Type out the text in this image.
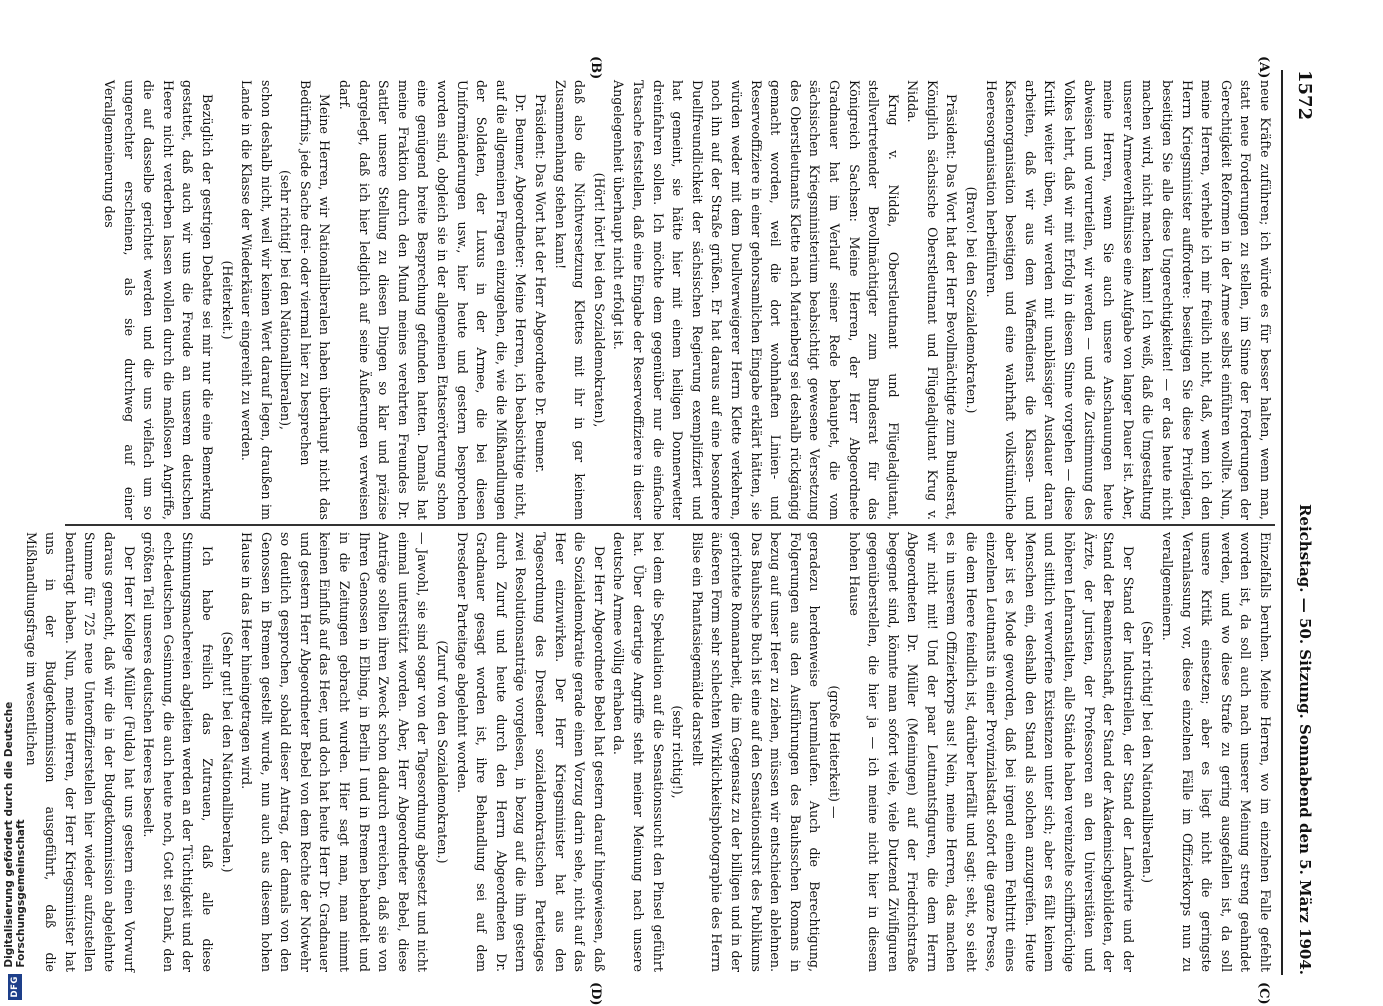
1572
Reichstag. — 50. Sitzung. Sonnabend den 5. März 1904.
(A)
(B)
(C)
(D)

neue Kräfte zuführen; ich würde es für besser halten, wenn man, statt neue Forderungen zu stellen, im Sinne der Forderungen der Gerechtigkeit Reformen in der Armee selbst einführen wollte. Nun, meine Herren, verhehle ich mir freilich nicht, daß, wenn ich den Herrn Kriegsminister auffordere: beseitigen Sie diese Privilegien, beseitigen Sie alle diese Ungerechtigkeiten! — er das heute nicht machen wird, nicht machen kann! Ich weiß, daß die Umgestaltung unserer Armeeverhältnisse eine Aufgabe von langer Dauer ist. Aber, meine Herren, wenn Sie auch unsere Anschauungen heute abweisen und verurteilen, wir werden — und die Zustimmung des Volkes lehrt, daß wir mit Erfolg in diesem Sinne vorgehen — diese Kritik weiter üben, wir werden mit unablässiger Ausdauer daran arbeiten, daß wir aus dem Waffendienst die Klassen- und Kastenorganisation beseitigen und eine wahrhaft volkstümliche Heeresorganisation herbeiführen.

(Bravo! bei den Sozialdemokraten.)

Präsident: Das Wort hat der Herr Bevollmächtigte zum Bundesrat, Königlich sächsische Oberstleutnant und Flügeladjutant Krug v. Nidda.

Krug v. Nidda, Oberstleutnant und Flügeladjutant, stellvertretender Bevollmächtigter zum Bundesrat für das Königreich Sachsen: Meine Herren, der Herr Abgeordnete Gradnauer hat im Verlauf seiner Rede behauptet, die vom sächsischen Kriegsministerium beabsichtigt gewesene Versetzung des Oberstleutnants Klette nach Marienberg sei deshalb rückgängig gemacht worden, weil die dort wohnhaften Linien- und Reserveoffiziere in einer gehorsamlichen Eingabe erklärt hätten, sie würden weder mit dem Duellverweigerer Herrn Klette verkehren, noch ihn auf der Straße grüßen. Er hat daraus auf eine besondere Duellfreundlichkeit der sächsischen Regierung exemplifiziert und hat gemeint, sie hätte hier mit einem heiligen Donnerwetter dreinfahren sollen. Ich möchte dem gegenüber nur die einfache Tatsache feststellen, daß eine Eingabe der Reserveoffiziere in dieser Angelegenheit überhaupt nicht erfolgt ist.

(Hört! hört! bei den Sozialdemokraten),

daß also die Nichtversetzung Klettes mit ihr in gar keinem Zusammenhang stehen kann!

Präsident: Das Wort hat der Herr Abgeordnete Dr. Beumer.

Dr. Beumer, Abgeordneter: Meine Herren, ich beabsichtige nicht, auf die allgemeinen Fragen einzugehen, die, wie die Mißhandlungen der Soldaten, der Luxus in der Armee, die bei diesen Uniformänderungen usw., hier heute und gestern besprochen worden sind, obgleich sie in der allgemeinen Etatserörterung schon eine genügend breite Besprechung gefunden hatten. Damals hat meine Fraktion durch den Mund meines verehrten Freundes Dr. Sattler unsere Stellung zu diesen Dingen so klar und präzise dargelegt, daß ich hier lediglich auf seine Äußerungen verweisen darf.

Meine Herren, wir Nationalliberalen haben überhaupt nicht das Bedürfnis, jede Sache drei- oder viermal hier zu besprechen

(sehr richtig! bei den Nationalliberalen),

schon deshalb nicht, weil wir keinen Wert darauf legen, draußen im Lande in die Klasse der Wiederkäuer eingereiht zu werden.

(Heiterkeit.)

Bezüglich der gestrigen Debatte sei mir nur die eine Bemerkung gestattet, daß auch wir uns die Freude an unserem deutschen Heere nicht verderben lassen wollen durch die maßlosen Angriffe, die auf dasselbe gerichtet werden und die uns vielfach um so ungerechter erscheinen, als sie durchweg auf einer Verallgemeinerung des

Einzelfalls beruhen. Meine Herren, wo im einzelnen Falle gefehlt worden ist, da soll auch nach unserer Meinung streng geahndet werden, und wo diese Strafe zu gering ausgefallen ist, da soll unsere Kritik einsetzen; aber es liegt nicht die geringste Veranlassung vor, diese einzelnen Fälle im Offizierkorps nun zu verallgemeinern.

(Sehr richtig! bei den Nationalliberalen.)

Der Stand der Industriellen, der Stand der Landwirte und der Stand der Beamtenschaft, der Stand der Akademischgebildeten, der Ärzte, der Juristen, der Professoren an den Universitäten und höheren Lehranstalten, alle Stände haben vereinzelte schiffbrüchige und sittlich verworfene Existenzen unter sich; aber es fällt keinem Menschen ein, deshalb den Stand als solchen anzugreifen. Heute aber ist es Mode geworden, daß bei irgend einem Fehltritt eines einzelnen Leutnants in einer Provinzialstadt sofort die ganze Presse, die dem Heere feindlich ist, darüber herfällt und sagt: seht, so sieht es in unserem Offizierkorps aus! Nein, meine Herren, das machen wir nicht mit! Und der paar Leutnantsfiguren, die dem Herrn Abgeordneten Dr. Müller (Meiningen) auf der Friedrichstraße begegnet sind, könnte man sofort viele, viele Dutzend Zivilfiguren gegenüberstellen, die hier ja — ich meine nicht hier in diesem hohen Hause

(große Heiterkeit) —

geradezu herdenweise herumlaufen. Auch die Berechtigung, Folgerungen aus den Ausführungen des Bauhsschen Romans in bezug auf unser Heer zu ziehen, müssen wir entschieden ablehnen. Das Bauhssche Buch ist eine auf den Sensationsdurst des Publikums gerichtete Romanarbeit, die im Gegensatz zu der billigen und in der äußeren Form sehr schlechten Wirklichkeitsphotographie des Herrn Bilse ein Phantasiegemälde darstellt

(sehr richtig!),

bei dem die Spekulation auf die Sensationssucht den Pinsel geführt hat. Über derartige Angriffe steht meiner Meinung nach unsere deutsche Armee völlig erhaben da.

Der Herr Abgeordnete Bebel hat gestern darauf hingewiesen, daß die Sozialdemokratie gerade einen Vorzug darin sehe, nicht auf das Heer einzuwirken. Der Herr Kriegsminister hat aus den Tagesordnung des Dresdener sozialdemokratischen Parteitages zwei Resolutionsanträge vorgelesen, in bezug auf die ihm gestern durch Zuruf und heute durch den Herrn Abgeordneten Dr. Gradnauer gesagt worden ist, ihre Behandlung sei auf dem Dresdener Parteitage abgelehnt worden.

(Zuruf von den Sozialdemokraten.)

— Jawohl, sie sind sogar von der Tagesordnung abgesetzt und nicht einmal unterstützt worden. Aber, Herr Abgeordneter Bebel, diese Anträge sollten ihren Zweck schon dadurch erreichen, daß sie von Ihren Genossen in Elbing, in Berlin I und in Bremen behandelt und in die Zeitungen gebracht wurden. Hier sagt man, man nimmt keinen Einfluß auf das Heer, und doch hat heute Herr Dr. Gradnauer und gestern Herr Abgeordneter Bebel von dem Rechte der Notwehr so deutlich gesprochen, sobald dieser Antrag, der damals von den Genossen in Bremen gestellt wurde, nun auch aus diesem hohen Hause in das Heer hineingetragen wird.

(Sehr gut! bei den Nationalliberalen.)

Ich habe freilich das Zutrauen, daß alle diese Stimmungsmachereien abgleiten werden an der Tüchtigkeit und der echt-deutschen Gesinnung, die auch heute noch, Gott sei Dank, den größten Teil unseres deutschen Heeres beseelt.

Der Herr Kollege Müller (Fulda) hat uns gestern einen Vorwurf daraus gemacht, daß wir die in der Budgetkommission abgelehnte Summe für 725 neue Unteroffizierstellen hier wieder aufzustellen beantragt haben. Nun, meine Herren, der Herr Kriegsminister hat uns in der Budgetkommission ausgeführt, daß die Mißhandlungsfrage im wesentlichen

DFG
Digitalisierung gefördert durch die Deutsche Forschungsgemeinschaft
